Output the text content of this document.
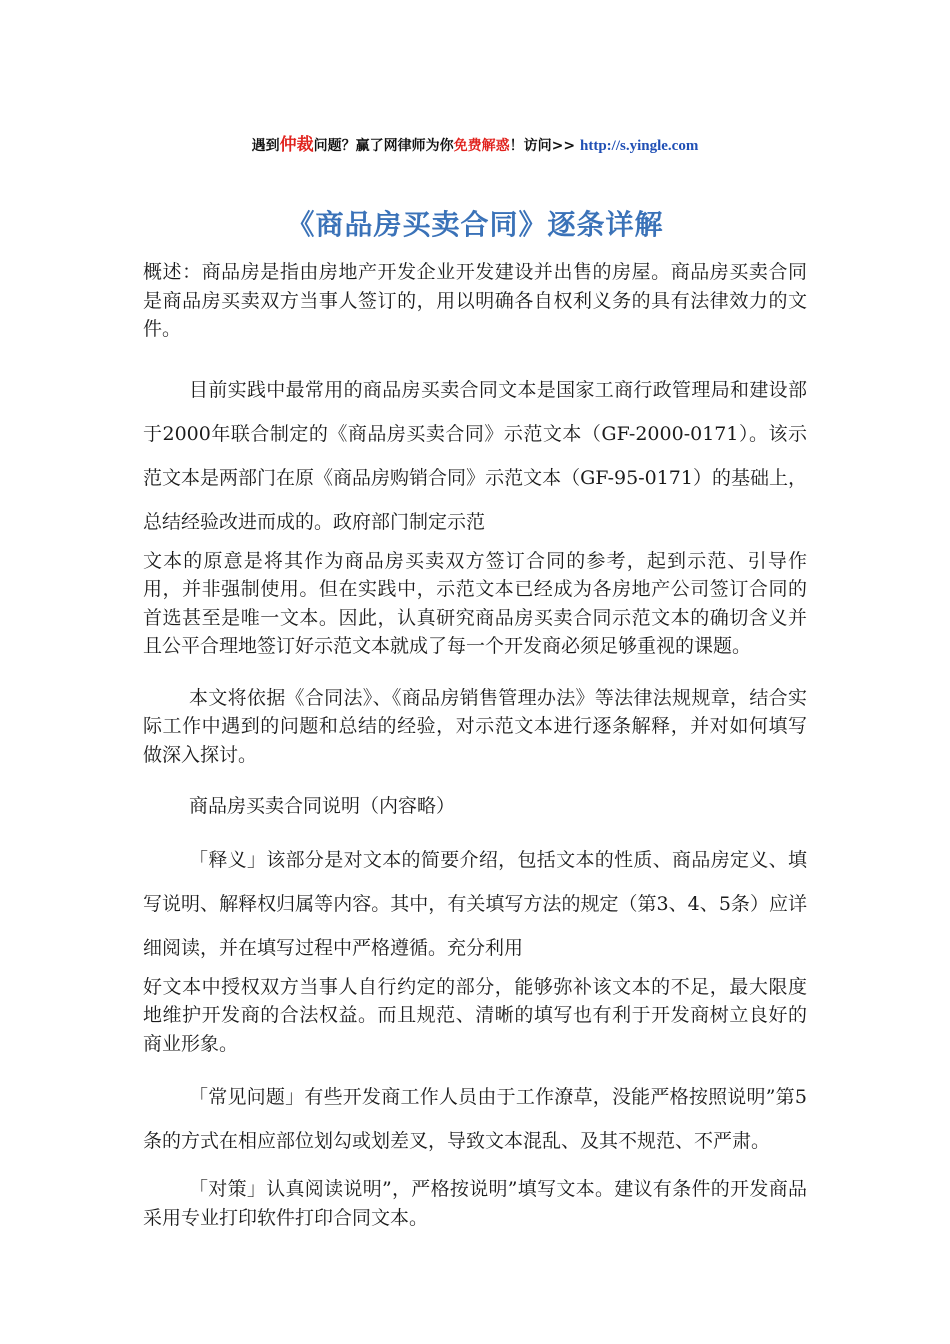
遇到仲裁问题？赢了网律师为你免费解惑！访问>> http://s.yingle.com
《商品房买卖合同》逐条详解

概述：商品房是指由房地产开发企业开发建设并出售的房屋。商品房买卖合同是商品房买卖双方当事人签订的，用以明确各自权利义务的具有法律效力的文件。

目前实践中最常用的商品房买卖合同文本是国家工商行政管理局和建设部于2000年联合制定的《商品房买卖合同》示范文本（GF-2000-0171）。该示范文本是两部门在原《商品房购销合同》示范文本（GF-95-0171）的基础上，总结经验改进而成的。政府部门制定示范

文本的原意是将其作为商品房买卖双方签订合同的参考，起到示范、引导作用，并非强制使用。但在实践中，示范文本已经成为各房地产公司签订合同的首选甚至是唯一文本。因此，认真研究商品房买卖合同示范文本的确切含义并且公平合理地签订好示范文本就成了每一个开发商必须足够重视的课题。

本文将依据《合同法》、《商品房销售管理办法》等法律法规规章，结合实际工作中遇到的问题和总结的经验，对示范文本进行逐条解释，并对如何填写做深入探讨。

商品房买卖合同说明（内容略）

「释义」该部分是对文本的简要介绍，包括文本的性质、商品房定义、填写说明、解释权归属等内容。其中，有关填写方法的规定（第3、4、5条）应详细阅读，并在填写过程中严格遵循。充分利用

好文本中授权双方当事人自行约定的部分，能够弥补该文本的不足，最大限度地维护开发商的合法权益。而且规范、清晰的填写也有利于开发商树立良好的商业形象。

「常见问题」有些开发商工作人员由于工作潦草，没能严格按照说明”第5条的方式在相应部位划勾或划差叉，导致文本混乱、及其不规范、不严肃。

「对策」认真阅读说明”，严格按说明”填写文本。建议有条件的开发商品采用专业打印软件打印合同文本。
